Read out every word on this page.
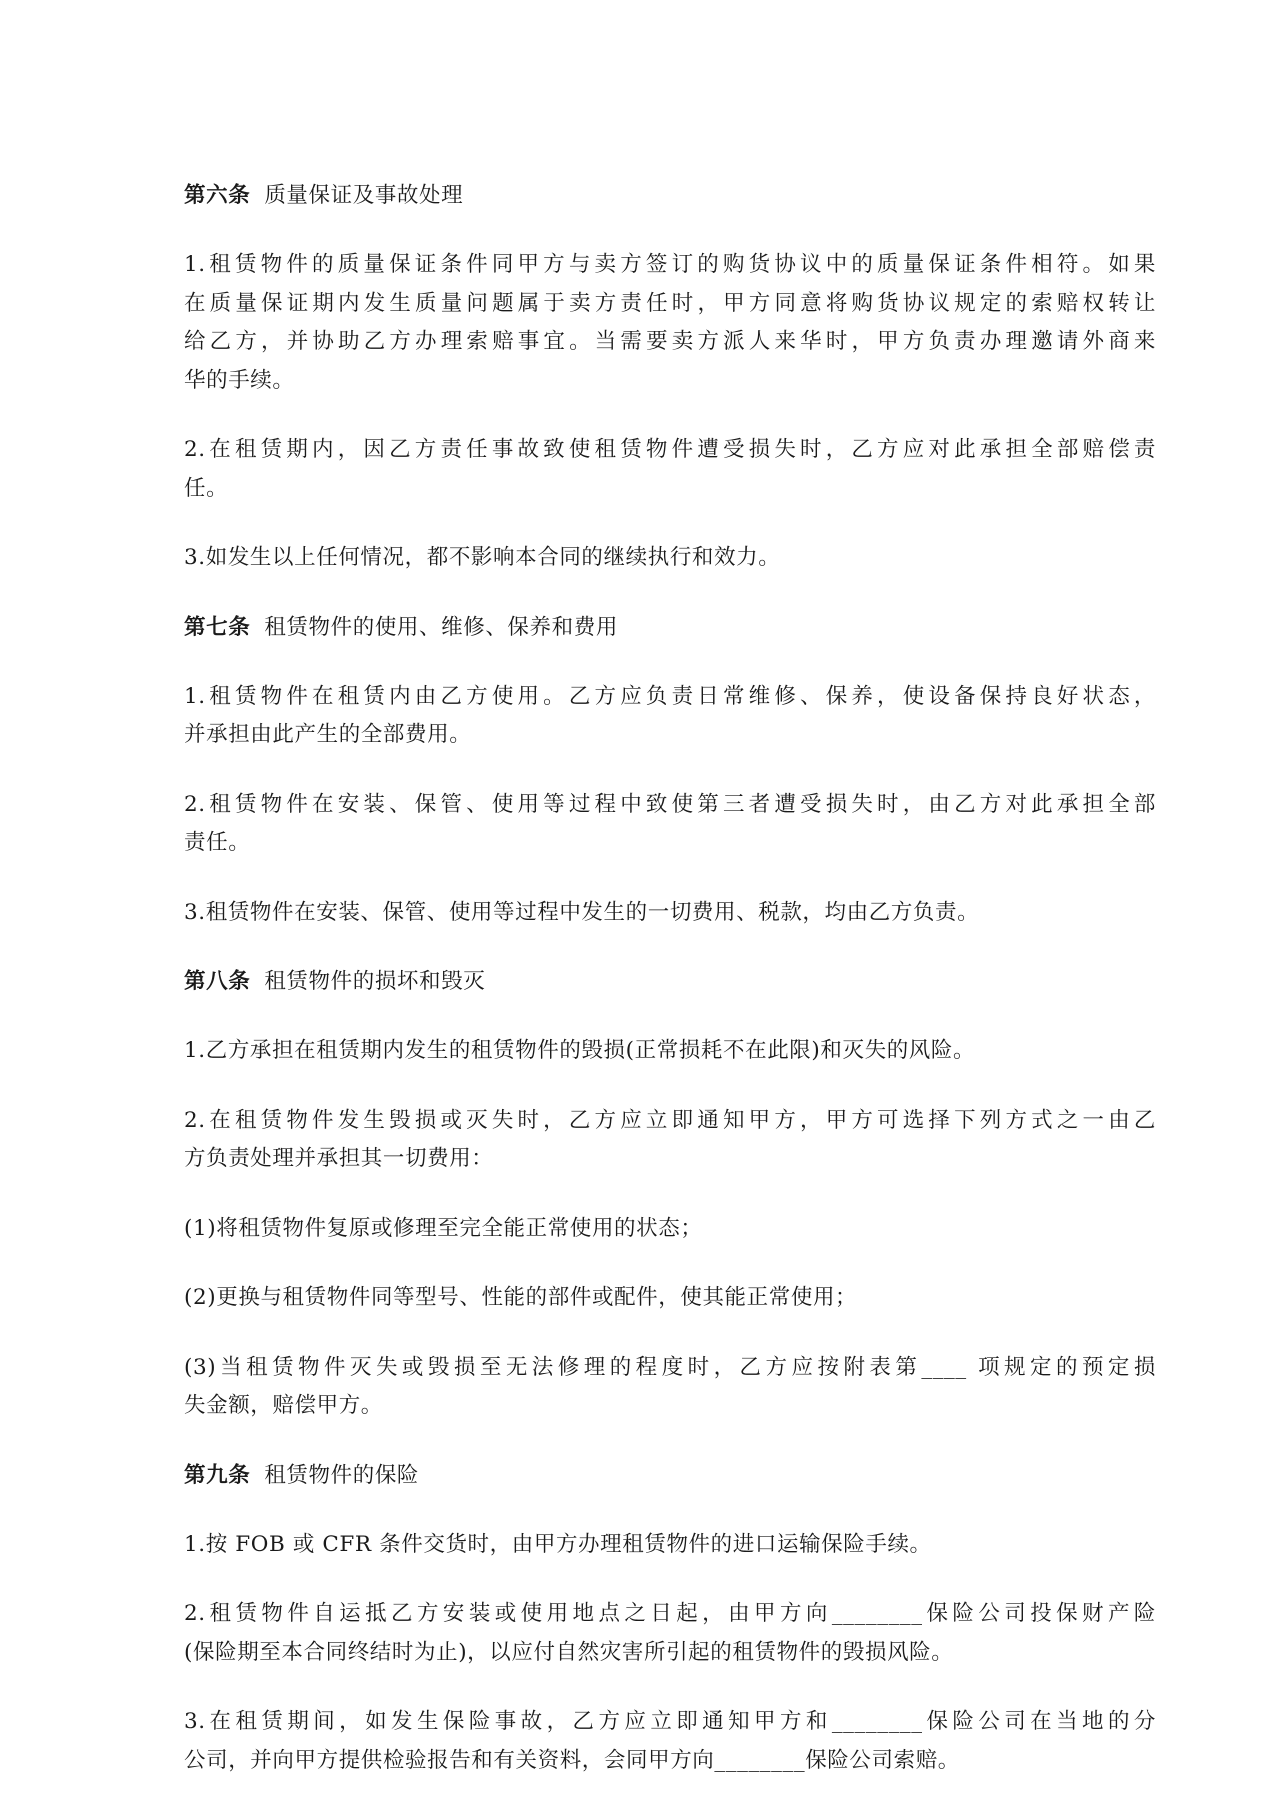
第六条 质量保证及事故处理
1.租赁物件的质量保证条件同甲方与卖方签订的购货协议中的质量保证条件相符。如果
在质量保证期内发生质量问题属于卖方责任时，甲方同意将购货协议规定的索赔权转让
给乙方，并协助乙方办理索赔事宜。当需要卖方派人来华时，甲方负责办理邀请外商来
华的手续。
2.在租赁期内，因乙方责任事故致使租赁物件遭受损失时，乙方应对此承担全部赔偿责
任。
3.如发生以上任何情况，都不影响本合同的继续执行和效力。
第七条 租赁物件的使用、维修、保养和费用
1.租赁物件在租赁内由乙方使用。乙方应负责日常维修、保养，使设备保持良好状态，
并承担由此产生的全部费用。
2.租赁物件在安装、保管、使用等过程中致使第三者遭受损失时，由乙方对此承担全部
责任。
3.租赁物件在安装、保管、使用等过程中发生的一切费用、税款，均由乙方负责。
第八条 租赁物件的损坏和毁灭
1.乙方承担在租赁期内发生的租赁物件的毁损(正常损耗不在此限)和灭失的风险。
2.在租赁物件发生毁损或灭失时，乙方应立即通知甲方，甲方可选择下列方式之一由乙
方负责处理并承担其一切费用：
(1)将租赁物件复原或修理至完全能正常使用的状态；
(2)更换与租赁物件同等型号、性能的部件或配件，使其能正常使用；
(3)当租赁物件灭失或毁损至无法修理的程度时，乙方应按附表第____ 项规定的预定损
失金额，赔偿甲方。
第九条 租赁物件的保险
1.按 FOB 或 CFR 条件交货时，由甲方办理租赁物件的进口运输保险手续。
2.租赁物件自运抵乙方安装或使用地点之日起，由甲方向________保险公司投保财产险
(保险期至本合同终结时为止)，以应付自然灾害所引起的租赁物件的毁损风险。
3.在租赁期间，如发生保险事故，乙方应立即通知甲方和________保险公司在当地的分
公司，并向甲方提供检验报告和有关资料，会同甲方向________保险公司索赔。
